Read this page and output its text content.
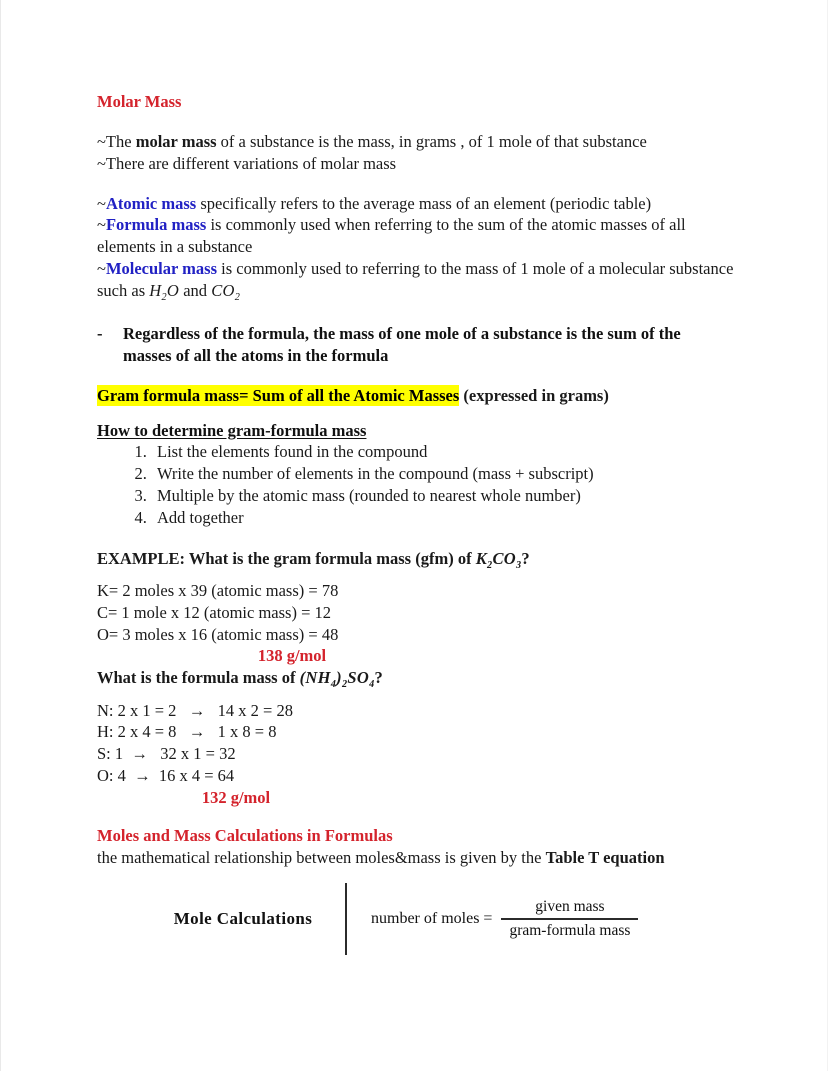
Molar Mass

~The molar mass of a substance is the mass, in grams , of 1 mole of that substance

~There are different variations of molar mass

~Atomic mass specifically refers to the average mass of an element (periodic table)

~Formula mass is commonly used when referring to the sum of the atomic masses of all elements in a substance

~Molecular mass is commonly used to referring to the mass of 1 mole of a molecular substance such as $H_2O$ and $CO_2$

-	Regardless of the formula, the mass of one mole of a substance is the sum of the masses of all the atoms in the formula

Gram formula mass= Sum of all the Atomic Masses (expressed in grams)

How to determine gram-formula mass
1. List the elements found in the compound
2. Write the number of elements in the compound (mass + subscript)
3. Multiple by the atomic mass (rounded to nearest whole number)
4. Add together

EXAMPLE: What is the gram formula mass (gfm) of $K_2CO_3$?

K= 2 moles x 39 (atomic mass) = 78

C= 1 mole x 12 (atomic mass) = 12

O= 3 moles x 16 (atomic mass) = 48

138 g/mol

What is the formula mass of $(NH_4)_2SO_4$?

N: 2 x 1 = 2   →   14 x 2 = 28

H: 2 x 4 = 8   →   1 x 8 = 8

S: 1  →   32 x 1 = 32

O: 4  →  16 x 4 = 64

132 g/mol

Moles and Mass Calculations in Formulas

the mathematical relationship between moles&mass is given by the Table T equation

Mole Calculations	number of moles = $\frac{\text{given mass}}{\text{gram-formula mass}}$
